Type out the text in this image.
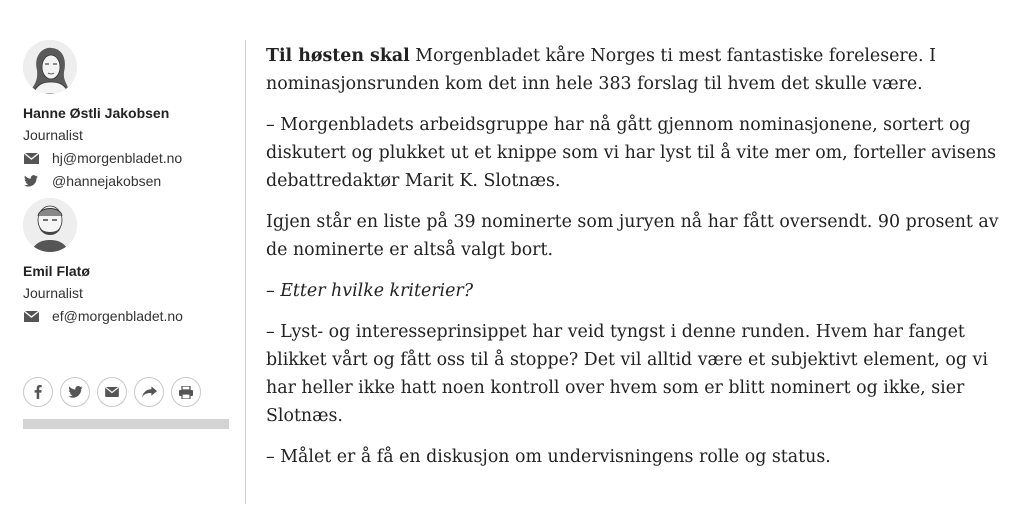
Hanne Østli Jakobsen
Journalist
hj@morgenbladet.no
@hannejakobsen
Emil Flatø
Journalist
ef@morgenbladet.no

Til høsten skal Morgenbladet kåre Norges ti mest fantastiske forelesere. I nominasjonsrunden kom det inn hele 383 forslag til hvem det skulle være.

– Morgenbladets arbeidsgruppe har nå gått gjennom nominasjonene, sortert og diskutert og plukket ut et knippe som vi har lyst til å vite mer om, forteller avisens debattredaktør Marit K. Slotnæs.

Igjen står en liste på 39 nominerte som juryen nå har fått oversendt. 90 prosent av de nominerte er altså valgt bort.

– Etter hvilke kriterier?

– Lyst- og interesseprinsippet har veid tyngst i denne runden. Hvem har fanget blikket vårt og fått oss til å stoppe? Det vil alltid være et subjektivt element, og vi har heller ikke hatt noen kontroll over hvem som er blitt nominert og ikke, sier Slotnæs.

– Målet er å få en diskusjon om undervisningens rolle og status.
